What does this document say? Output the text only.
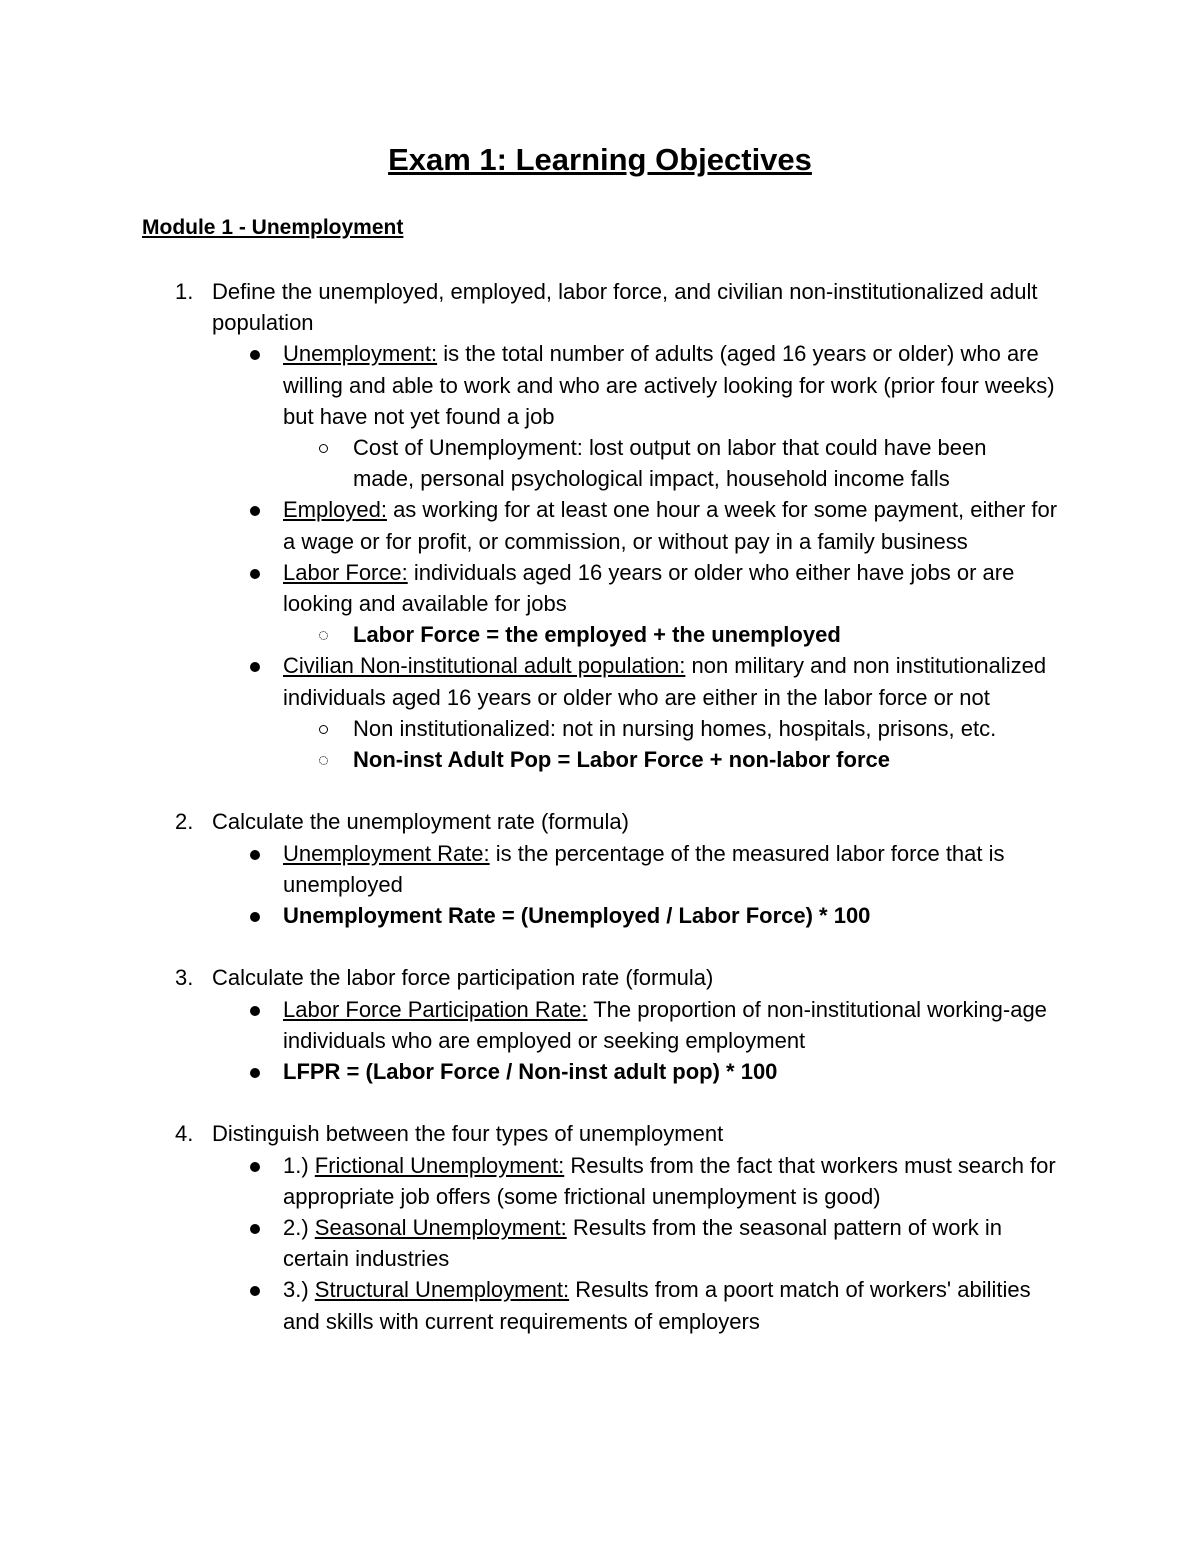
Exam 1: Learning Objectives
Module 1 - Unemployment
1. Define the unemployed, employed, labor force, and civilian non-institutionalized adult population
Unemployment: is the total number of adults (aged 16 years or older) who are willing and able to work and who are actively looking for work (prior four weeks) but have not yet found a job
Cost of Unemployment: lost output on labor that could have been made, personal psychological impact, household income falls
Employed: as working for at least one hour a week for some payment, either for a wage or for profit, or commission, or without pay in a family business
Labor Force: individuals aged 16 years or older who either have jobs or are looking and available for jobs
Labor Force = the employed + the unemployed
Civilian Non-institutional adult population: non military and non institutionalized individuals aged 16 years or older who are either in the labor force or not
Non institutionalized: not in nursing homes, hospitals, prisons, etc.
Non-inst Adult Pop = Labor Force + non-labor force
2. Calculate the unemployment rate (formula)
Unemployment Rate: is the percentage of the measured labor force that is unemployed
Unemployment Rate = (Unemployed / Labor Force) * 100
3. Calculate the labor force participation rate (formula)
Labor Force Participation Rate: The proportion of non-institutional working-age individuals who are employed or seeking employment
LFPR = (Labor Force / Non-inst adult pop) * 100
4. Distinguish between the four types of unemployment
1.) Frictional Unemployment: Results from the fact that workers must search for appropriate job offers (some frictional unemployment is good)
2.) Seasonal Unemployment: Results from the seasonal pattern of work in certain industries
3.) Structural Unemployment: Results from a poort match of workers' abilities and skills with current requirements of employers
